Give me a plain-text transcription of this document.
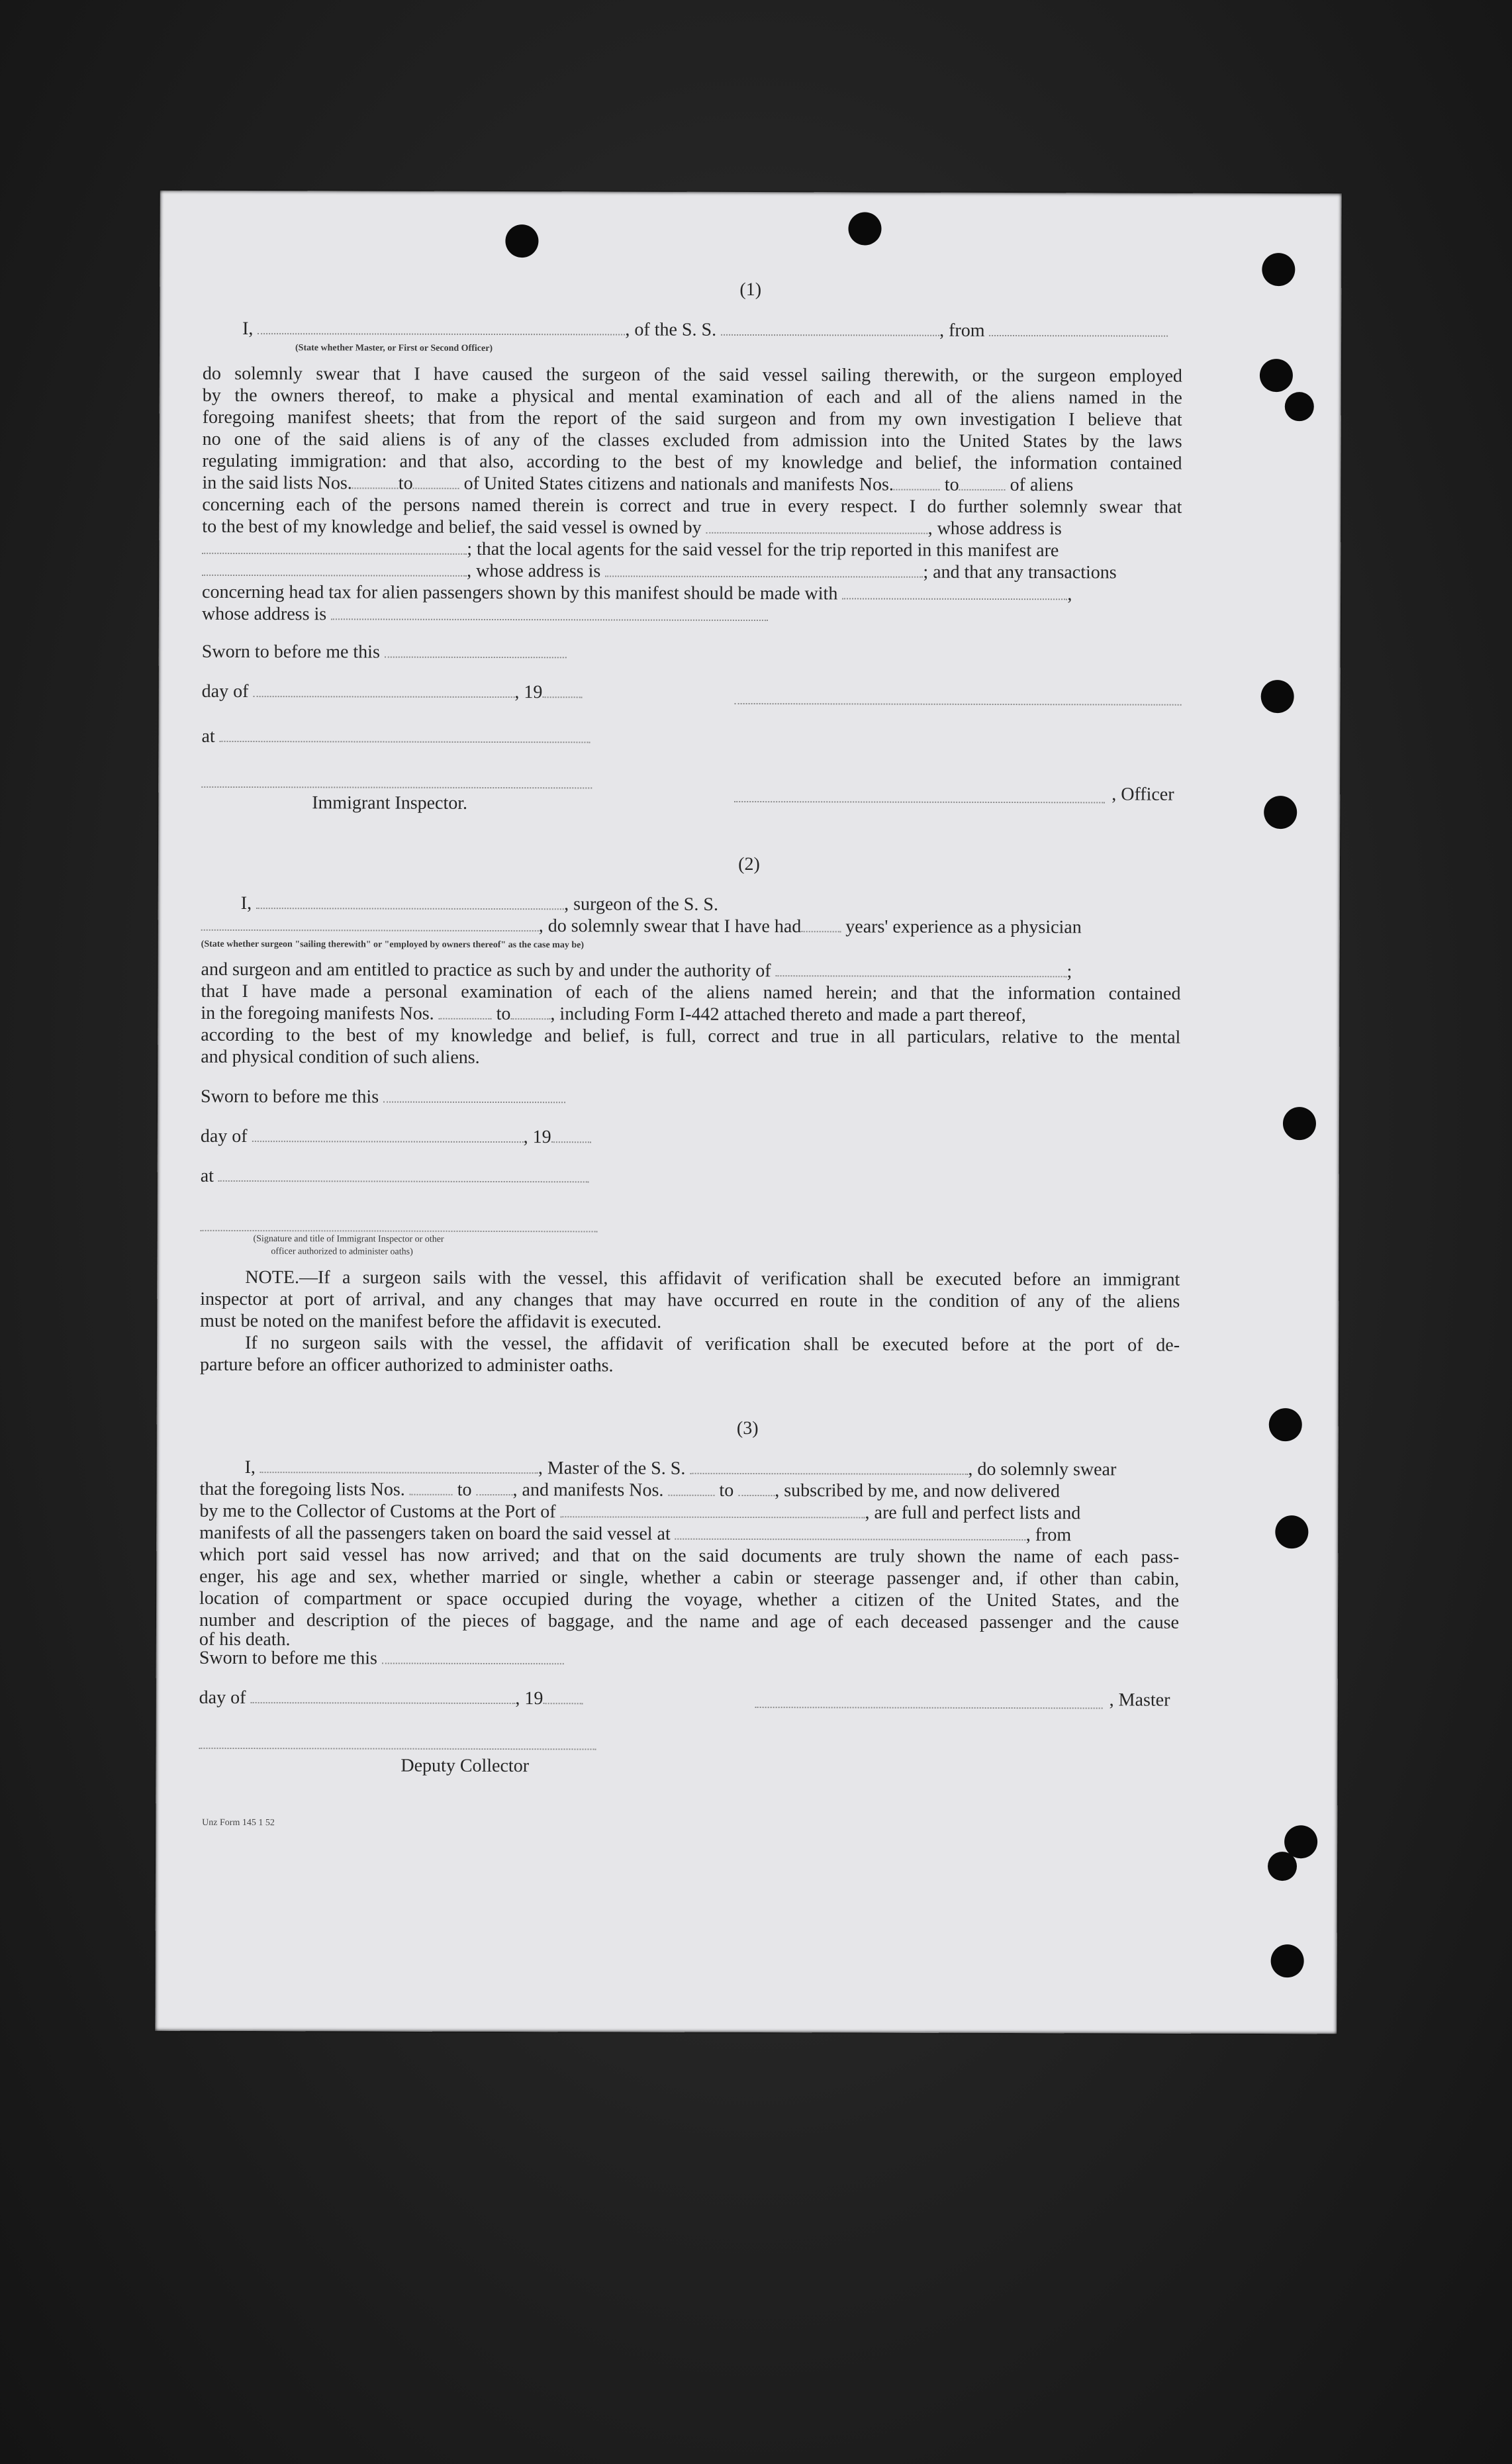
(1)
I,	, of the S. S.	, from
(State whether Master, or First or Second Officer)
do solemnly swear that I have caused the surgeon of the said vessel sailing therewith, or the surgeon employed
by the owners thereof, to make a physical and mental examination of each and all of the aliens named in the
foregoing manifest sheets; that from the report of the said surgeon and from my own investigation I believe that
no one of the said aliens is of any of the classes excluded from admission into the United States by the laws
regulating immigration: and that also, according to the best of my knowledge and belief, the information contained
in the said lists Nos. to	of United States citizens and nationals and manifests Nos.	to	of aliens
concerning each of the persons named therein is correct and true in every respect. I do further solemnly swear that
to the best of my knowledge and belief, the said vessel is owned by	, whose address is
; that the local agents for the said vessel for the trip reported in this manifest are
, whose address is	; and that any transactions
concerning head tax for alien passengers shown by this manifest should be made with	,
whose address is
Sworn to before me this
day of	, 19
at
, Officer
Immigrant Inspector.
(2)
I,	, surgeon of the S. S.
, do solemnly swear that I have had years' experience as a physician
(State whether surgeon "sailing therewith" or "employed by owners thereof" as the case may be)
and surgeon and am entitled to practice as such by and under the authority of	;
that I have made a personal examination of each of the aliens named herein; and that the information contained
in the foregoing manifests Nos.	to , including Form I-442 attached thereto and made a part thereof,
according to the best of my knowledge and belief, is full, correct and true in all particulars, relative to the mental
and physical condition of such aliens.
Sworn to before me this
day of	, 19
at
(Signature and title of Immigrant Inspector or other
officer authorized to administer oaths)
NOTE.—If a surgeon sails with the vessel, this affidavit of verification shall be executed before an immigrant
inspector at port of arrival, and any changes that may have occurred en route in the condition of any of the aliens
must be noted on the manifest before the affidavit is executed.
If no surgeon sails with the vessel, the affidavit of verification shall be executed before at the port of de-
parture before an officer authorized to administer oaths.
(3)
I,	, Master of the S. S.	, do solemnly swear
that the foregoing lists Nos.	to , and manifests Nos.	to , subscribed by me, and now delivered
by me to the Collector of Customs at the Port of	, are full and perfect lists and
manifests of all the passengers taken on board the said vessel at	, from
which port said vessel has now arrived; and that on the said documents are truly shown the name of each pass-
enger, his age and sex, whether married or single, whether a cabin or steerage passenger and, if other than cabin,
location of compartment or space occupied during the voyage, whether a citizen of the United States, and the
number and description of the pieces of baggage, and the name and age of each deceased passenger and the cause
of his death.
Sworn to before me this
day of	, 19	, Master
Deputy Collector
Unz Form 145 1 52
